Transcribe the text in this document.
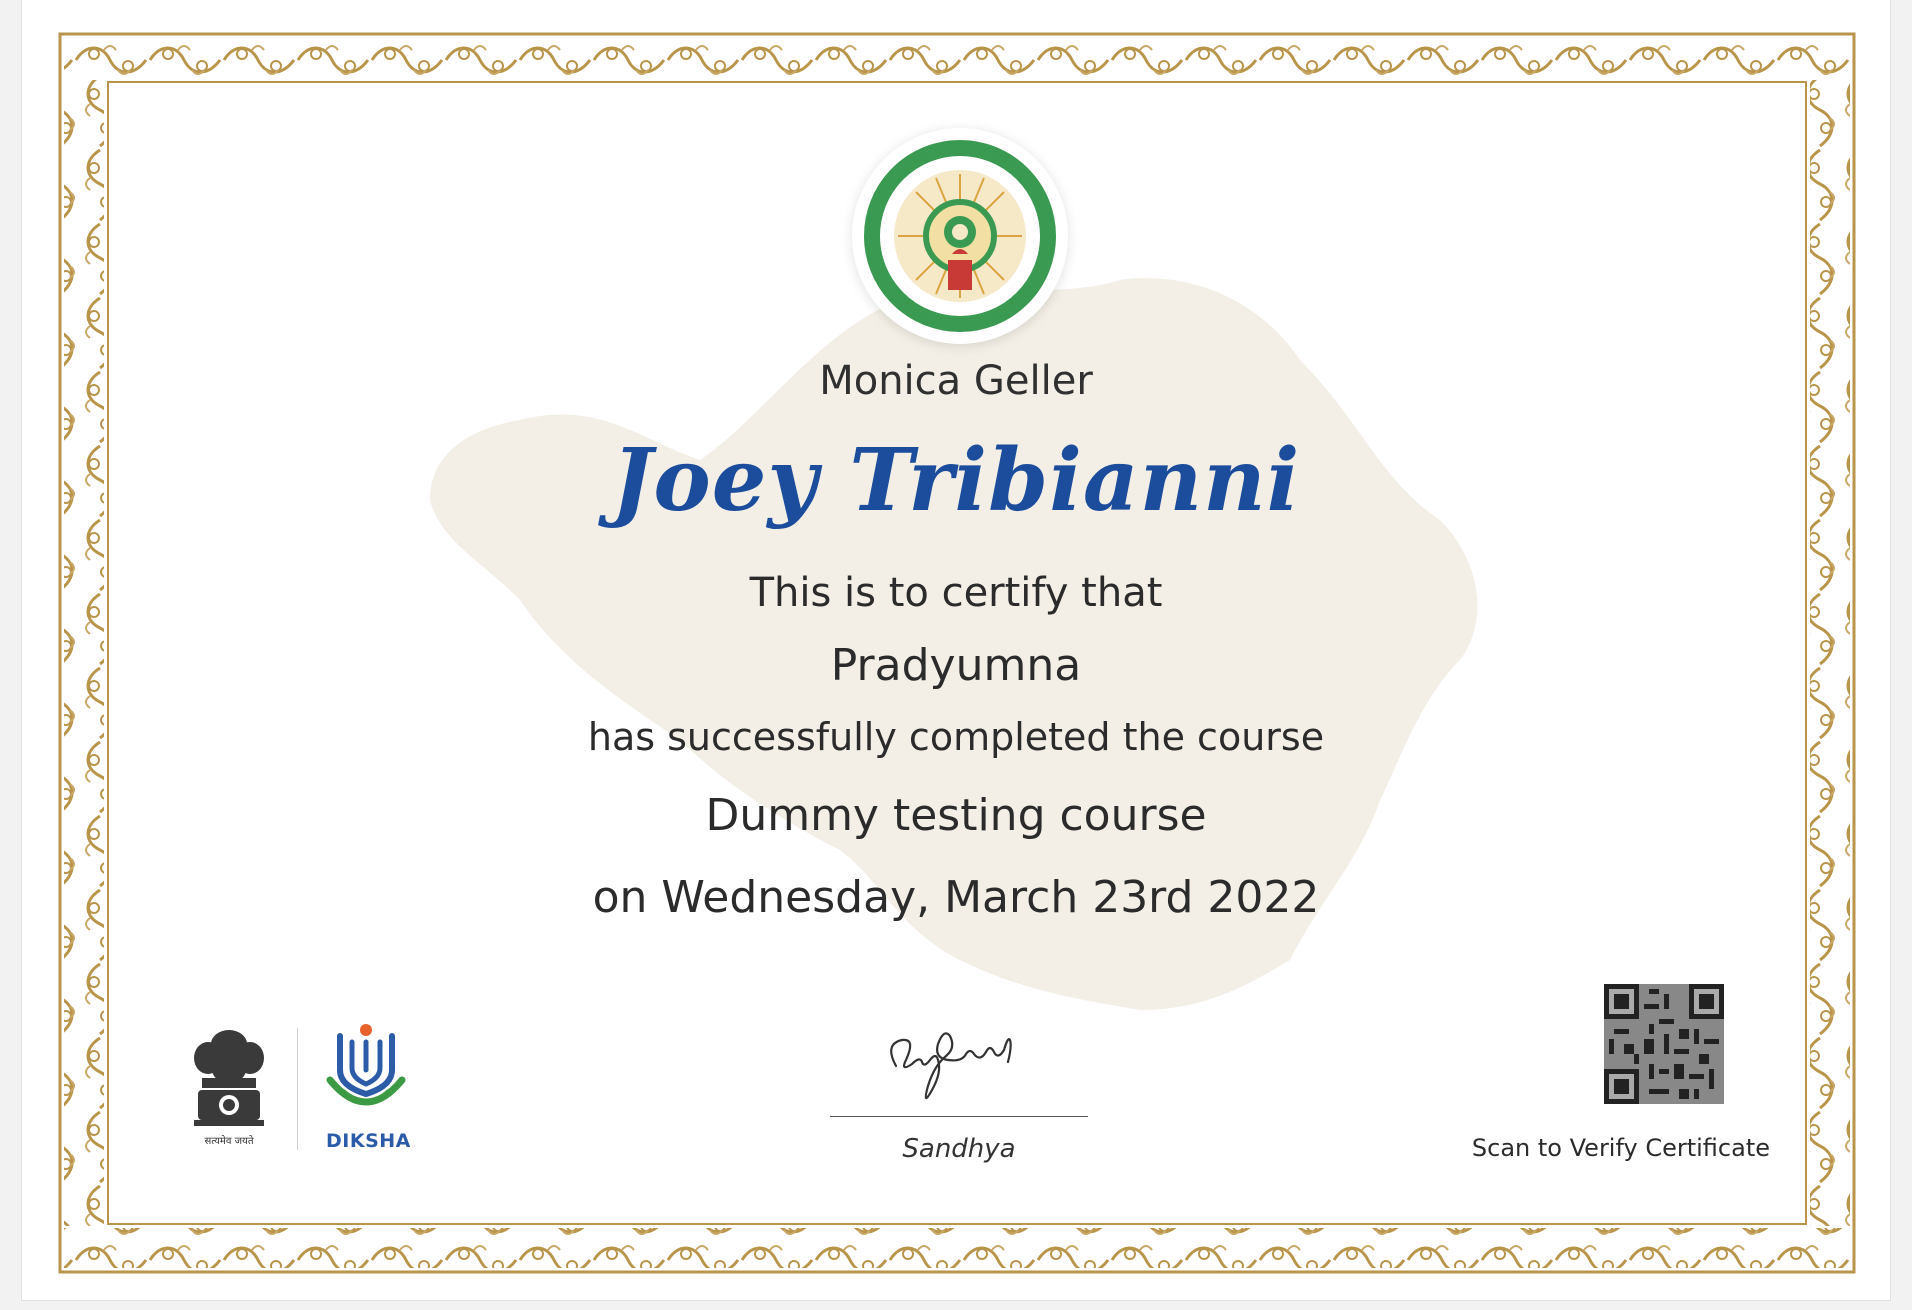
Monica Geller
Joey Tribianni
This is to certify that
Pradyumna
has successfully completed the course
Dummy testing course
on Wednesday, March 23rd 2022
सत्यमेव जयते	DIKSHA	Sandhya	Scan to Verify Certificate
